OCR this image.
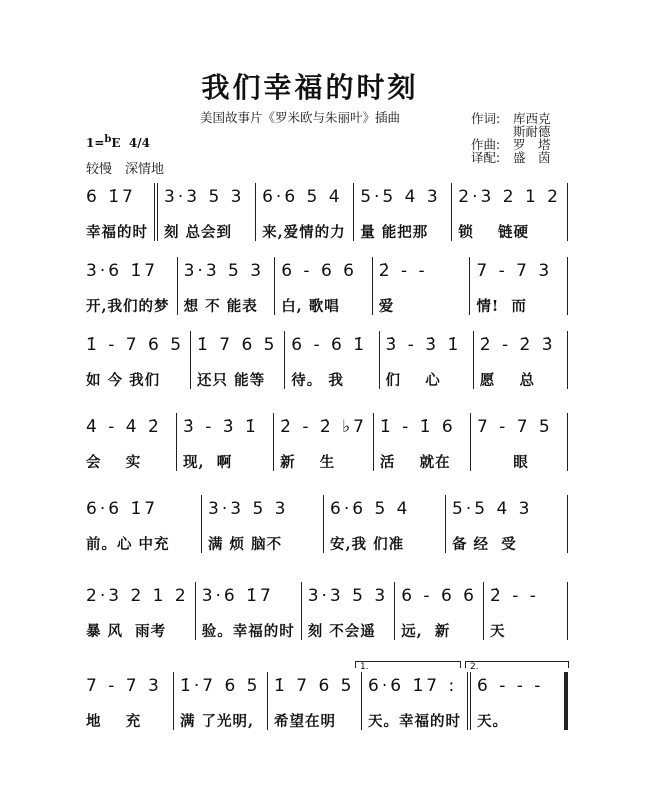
我们幸福的时刻
美国故事片《罗米欧与朱丽叶》插曲	作词:	库西克
斯耐德
作曲:	罗　塔
译配:	盛　茵
1=$^b$E 4/4
较慢　深情地
6 1̇7
幸福的时
3·3 5 3
刻 总会到
6·6 5 4
来,爱情的力
5·5 4 3
量 能把那
2·3 2 1 2
锁    链硬
3·6 1̇7
开,我们的梦
3·3 5 3
想 不 能表
6 - 6 6
白, 歌唱
2̇ - -
爱
7 - 7 3
情!  而
1̇ - 7 6 5
如 今 我们
1̇ 7 6 5
还只 能等
6 - 6 1̇
待。 我
3̇ - 3̇ 1̇
们    心
2̇ - 2̇ 3̇
愿    总
4̇ - 4̇ 2̇
会    实
3̇ - 3̇ 1̇
现,  啊
2̇ - 2̇ ♭7
新    生
1̇ - 1̇ 6
活    就在
7 - 7 5
眼
6·6 1̇7
前。心 中充
3·3 5 3
满 烦 脑不
6·6 5 4
安,我 们准
5·5 4 3
备 经  受
2·3 2 1 2
暴 风  雨考
3·6 1̇7
验。幸福的时
3·3 5 3
刻 不会遥
6 - 6 6
远,  新
2̇ - -
天
7 - 7 3
地    充
1̇·7 6 5
满 了光明,
1̇ 7 6 5
希望在明
6·6 1̇7 :
天。幸福的时
6 - - -
天。
1.	2.
